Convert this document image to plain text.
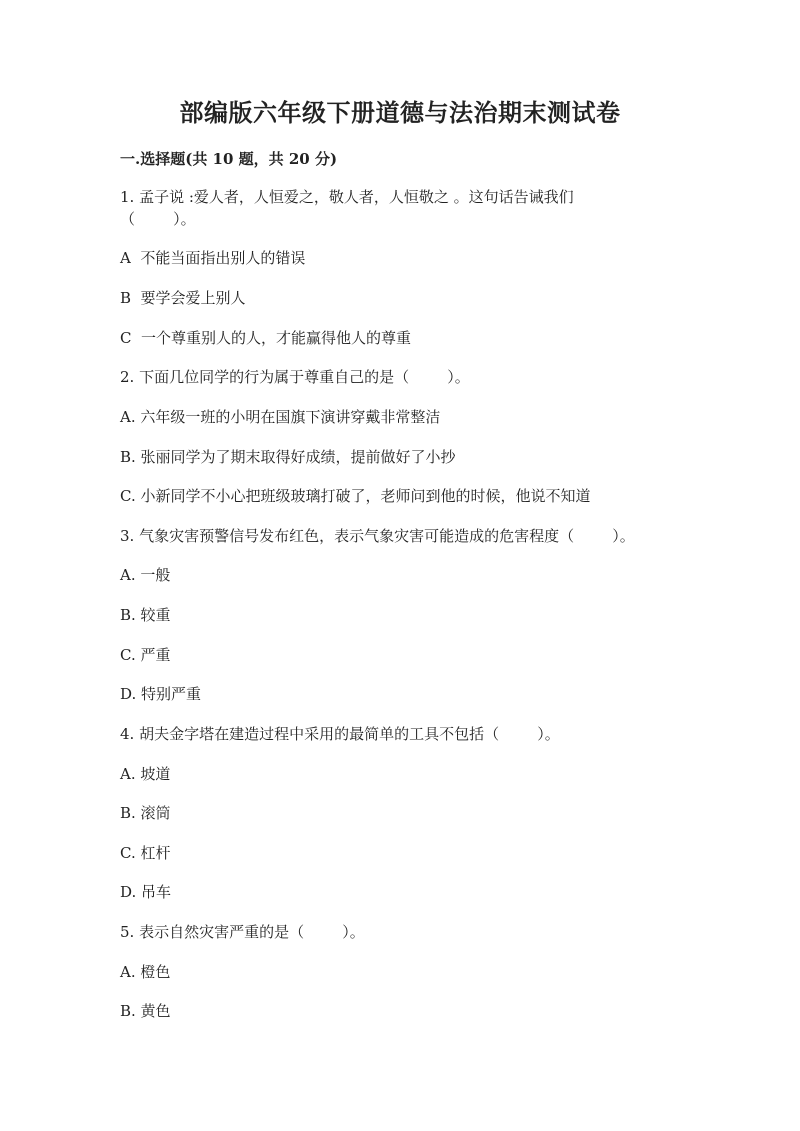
部编版六年级下册道德与法治期末测试卷
一.选择题(共 10 题，共 20 分)
1. 孟子说 :爱人者，人恒爱之，敬人者，人恒敬之 。这句话告诫我们
（        ）。
A  不能当面指出别人的错误
B  要学会爱上别人
C  一个尊重别人的人，才能赢得他人的尊重
2. 下面几位同学的行为属于尊重自己的是（        ）。
A. 六年级一班的小明在国旗下演讲穿戴非常整洁
B. 张丽同学为了期末取得好成绩，提前做好了小抄
C. 小新同学不小心把班级玻璃打破了，老师问到他的时候，他说不知道
3. 气象灾害预警信号发布红色，表示气象灾害可能造成的危害程度（        ）。
A. 一般
B. 较重
C. 严重
D. 特别严重
4. 胡夫金字塔在建造过程中采用的最简单的工具不包括（        ）。
A. 坡道
B. 滚筒
C. 杠杆
D. 吊车
5. 表示自然灾害严重的是（        ）。
A. 橙色
B. 黄色
